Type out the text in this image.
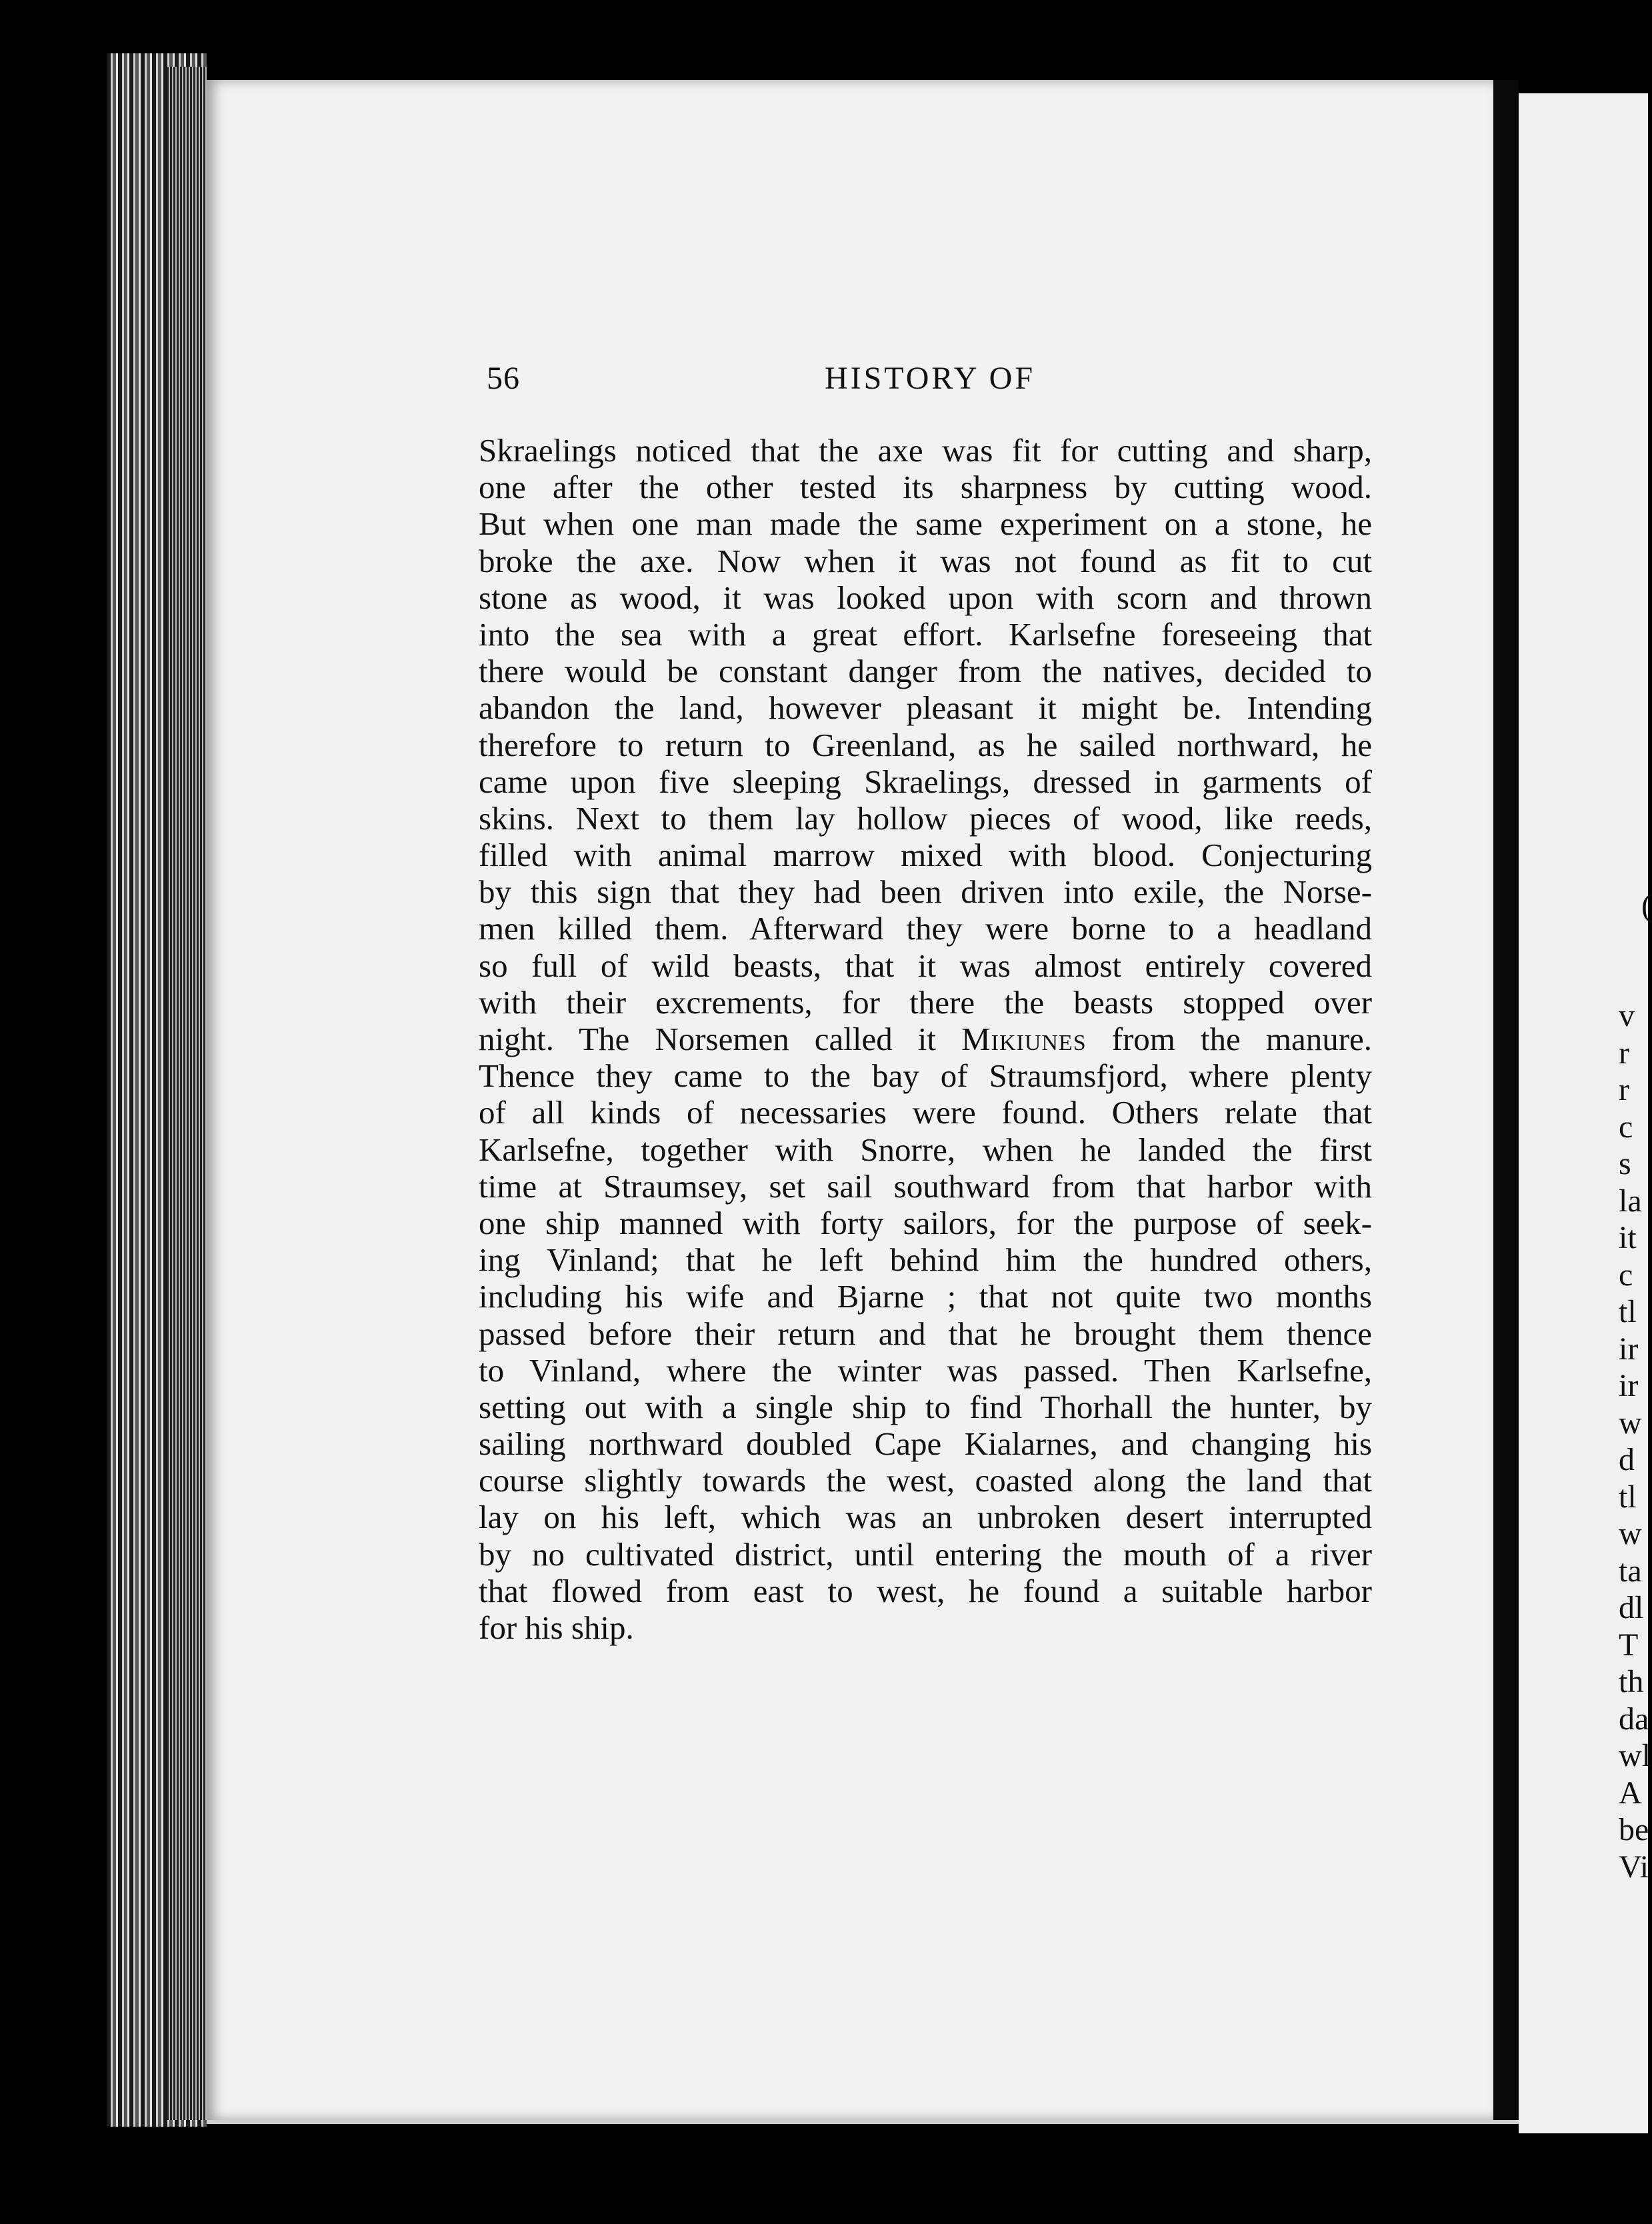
56	HISTORY OF
Skraelings noticed that the axe was fit for cutting and sharp,
one after the other tested its sharpness by cutting wood.
But when one man made the same experiment on a stone, he
broke the axe. Now when it was not found as fit to cut
stone as wood, it was looked upon with scorn and thrown
into the sea with a great effort. Karlsefne foreseeing that
there would be constant danger from the natives, decided to
abandon the land, however pleasant it might be. Intending
therefore to return to Greenland, as he sailed northward, he
came upon five sleeping Skraelings, dressed in garments of
skins. Next to them lay hollow pieces of wood, like reeds,
filled with animal marrow mixed with blood. Conjecturing
by this sign that they had been driven into exile, the Norse-
men killed them. Afterward they were borne to a headland
so full of wild beasts, that it was almost entirely covered
with their excrements, for there the beasts stopped over
night. The Norsemen called it Mikiunes from the manure.
Thence they came to the bay of Straumsfjord, where plenty
of all kinds of necessaries were found. Others relate that
Karlsefne, together with Snorre, when he landed the first
time at Straumsey, set sail southward from that harbor with
one ship manned with forty sailors, for the purpose of seek-
ing Vinland; that he left behind him the hundred others,
including his wife and Bjarne ; that not quite two months
passed before their return and that he brought them thence
to Vinland, where the winter was passed. Then Karlsefne,
setting out with a single ship to find Thorhall the hunter, by
sailing northward doubled Cape Kialarnes, and changing his
course slightly towards the west, coasted along the land that
lay on his left, which was an unbroken desert interrupted
by no cultivated district, until entering the mouth of a river
that flowed from east to west, he found a suitable harbor
for his ship.
(
v
r
r
c
s
la
it
c
tl
ir
ir
w
d
tl
w
ta
dl
T
th
da
wl
A
be
Vi
